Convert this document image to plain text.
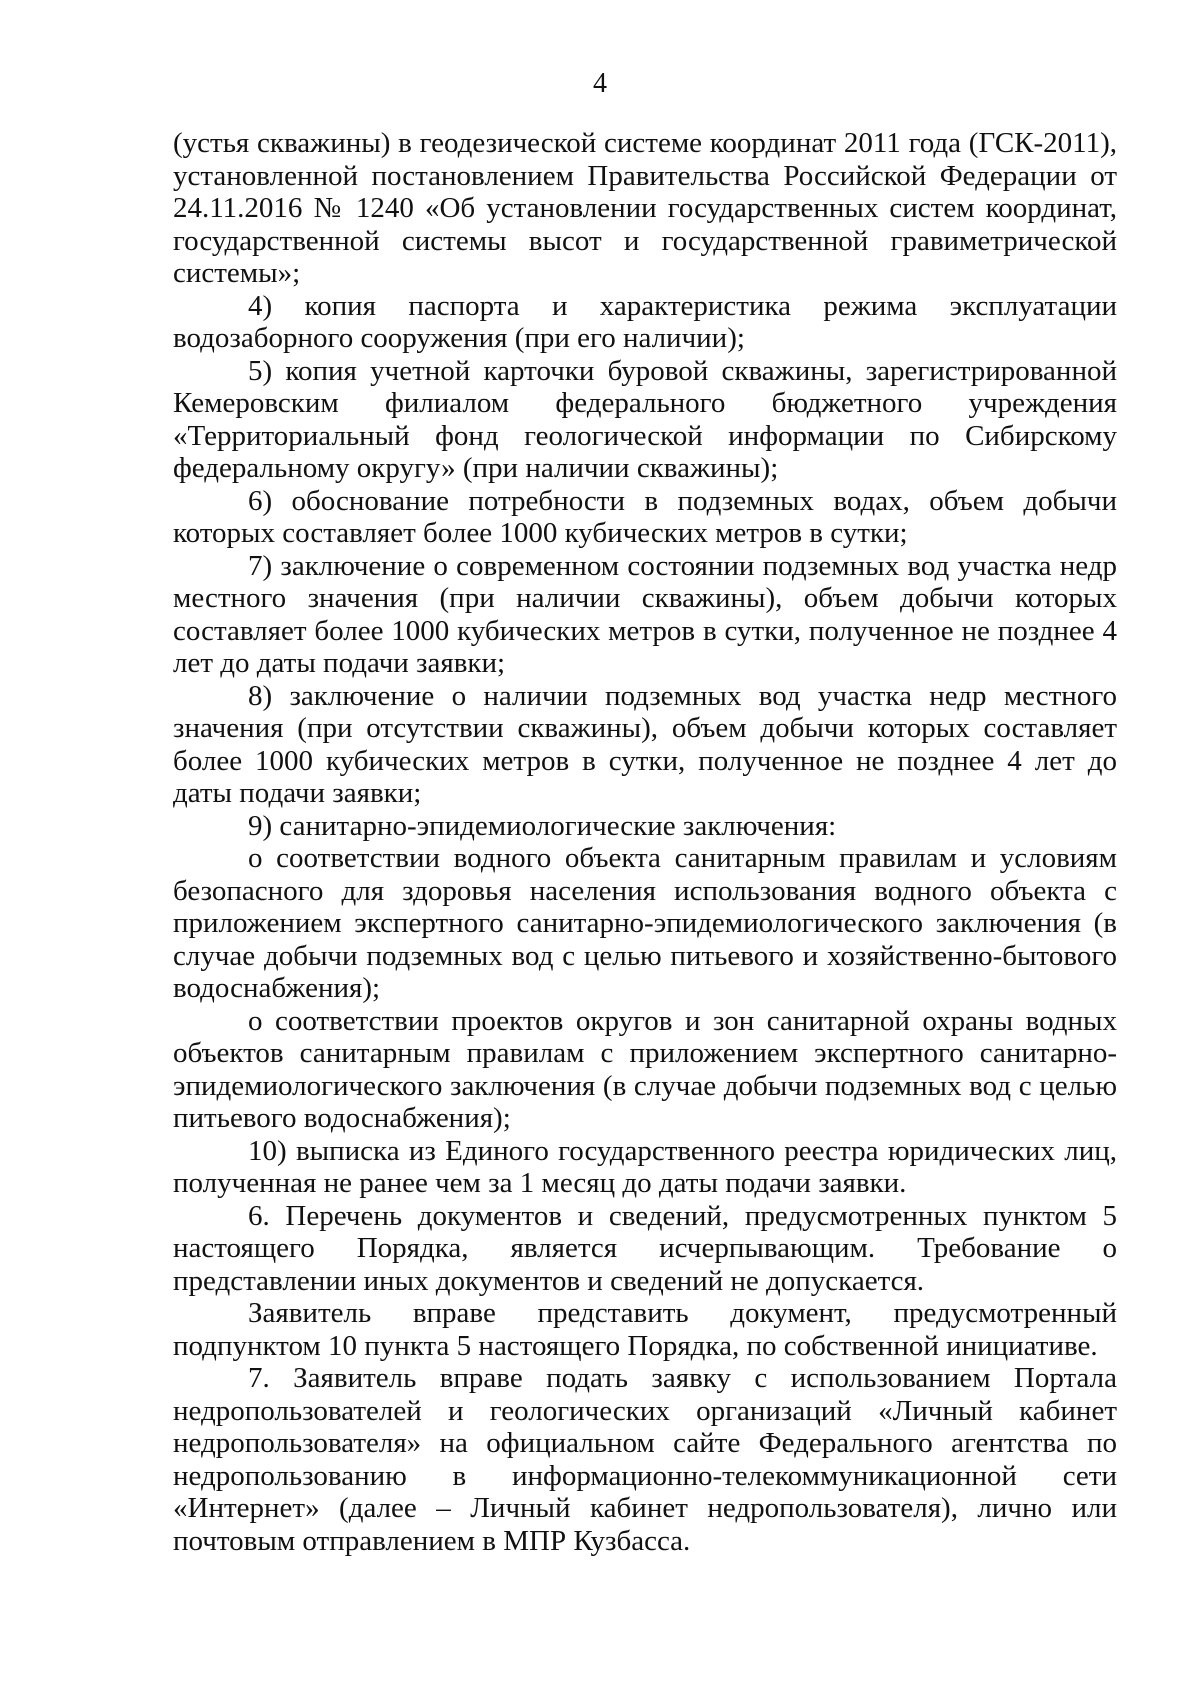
4

(устья скважины) в геодезической системе координат 2011 года (ГСК-2011), установленной постановлением Правительства Российской Федерации от 24.11.2016 № 1240 «Об установлении государственных систем координат, государственной системы высот и государственной гравиметрической системы»;

4) копия паспорта и характеристика режима эксплуатации водозаборного сооружения (при его наличии);

5) копия учетной карточки буровой скважины, зарегистрированной Кемеровским филиалом федерального бюджетного учреждения «Территориальный фонд геологической информации по Сибирскому федеральному округу» (при наличии скважины);

6) обоснование потребности в подземных водах, объем добычи которых составляет более 1000 кубических метров в сутки;

7) заключение о современном состоянии подземных вод участка недр местного значения (при наличии скважины), объем добычи которых составляет более 1000 кубических метров в сутки, полученное не позднее 4 лет до даты подачи заявки;

8) заключение о наличии подземных вод участка недр местного значения (при отсутствии скважины), объем добычи которых составляет более 1000 кубических метров в сутки, полученное не позднее 4 лет до даты подачи заявки;

9) санитарно-эпидемиологические заключения:

о соответствии водного объекта санитарным правилам и условиям безопасного для здоровья населения использования водного объекта с приложением экспертного санитарно-эпидемиологического заключения (в случае добычи подземных вод с целью питьевого и хозяйственно-бытового водоснабжения);

о соответствии проектов округов и зон санитарной охраны водных объектов санитарным правилам с приложением экспертного санитарно-эпидемиологического заключения (в случае добычи подземных вод с целью питьевого водоснабжения);

10) выписка из Единого государственного реестра юридических лиц, полученная не ранее чем за 1 месяц до даты подачи заявки.

6. Перечень документов и сведений, предусмотренных пунктом 5 настоящего Порядка, является исчерпывающим. Требование о представлении иных документов и сведений не допускается.

Заявитель вправе представить документ, предусмотренный подпунктом 10 пункта 5 настоящего Порядка, по собственной инициативе.

7. Заявитель вправе подать заявку с использованием Портала недропользователей и геологических организаций «Личный кабинет недропользователя» на официальном сайте Федерального агентства по недропользованию в информационно-телекоммуникационной сети «Интернет» (далее – Личный кабинет недропользователя), лично или почтовым отправлением в МПР Кузбасса.
